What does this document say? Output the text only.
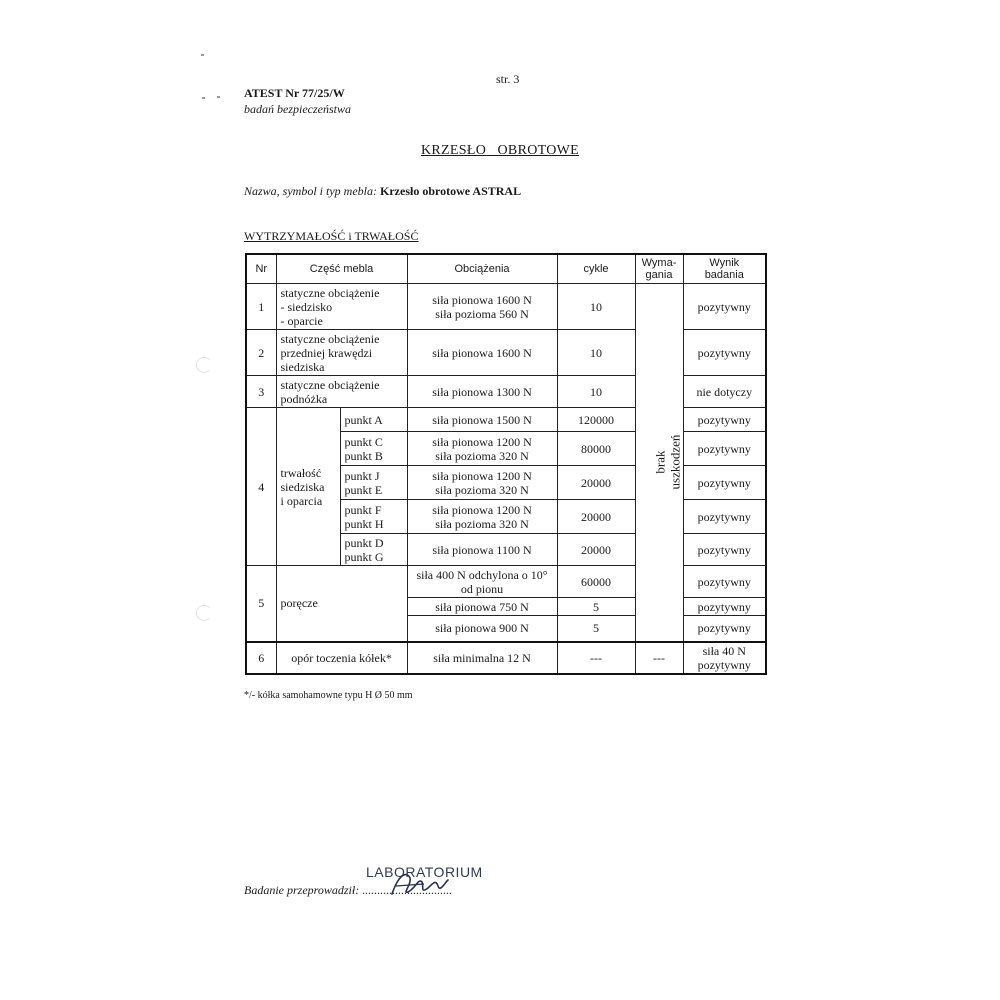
str. 3
ATEST Nr 77/25/W
badań bezpieczeństwa
KRZESŁO OBROTOWE
Nazwa, symbol i typ mebla: Krzesło obrotowe ASTRAL
WYTRZYMAŁOŚĆ i TRWAŁOŚĆ
Nr	Część mebla		Obciążenia	cykle	Wyma-
gania	Wynik
badania

1	statyczne obciążenie
- siedzisko
- oparcie		siła pionowa 1600 N
siła pozioma 560 N	10	brak uszkodzeń	pozytywny
2	statyczne obciążenie
przedniej krawędzi
siedziska		siła pionowa 1600 N	10		pozytywny
3	statyczne obciążenie
podnóżka		siła pionowa 1300 N	10		nie dotyczy
4	trwałość
siedziska
i oparcia	punkt A	siła pionowa 1500 N	120000		pozytywny

		punkt C
punkt B	siła pionowa 1200 N
siła pozioma 320 N	80000		pozytywny

		punkt J
punkt E	siła pionowa 1200 N
siła pozioma 320 N	20000		pozytywny

		punkt F
punkt H	siła pionowa 1200 N
siła pozioma 320 N	20000		pozytywny

		punkt D
punkt G	siła pionowa 1100 N	20000		pozytywny
5	poręcze		siła 400 N odchylona o 10°
od pionu	60000		pozytywny
			siła pionowa 750 N	5		pozytywny
			siła pionowa 900 N	5		pozytywny
6	opór toczenia kółek*		siła minimalna 12 N	---	---	siła 40 N
pozytywny
*/- kółka samohamowne typu H Ø 50 mm
LABORATORIUM
Badanie przeprowadził: ..............................
